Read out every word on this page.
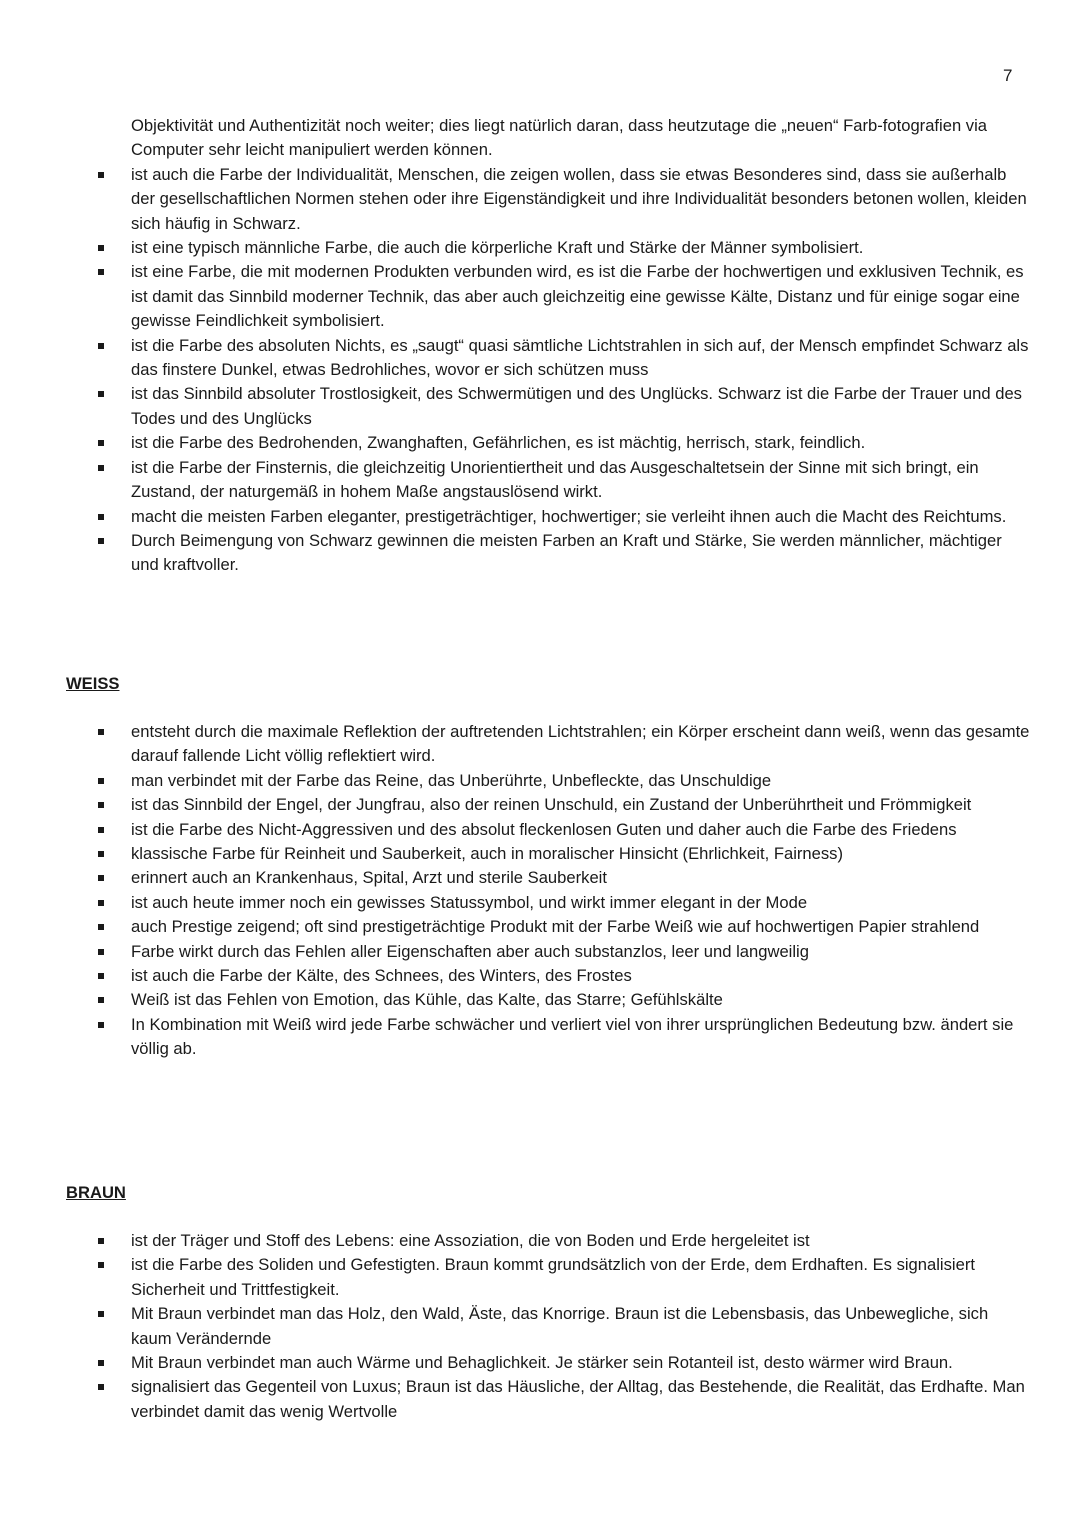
7

Objektivität und Authentizität noch weiter; dies liegt natürlich daran, dass heutzutage die „neuen“ Farb-fotografien via Computer sehr leicht manipuliert werden können.

ist auch die Farbe der Individualität, Menschen, die zeigen wollen, dass sie etwas Besonderes sind, dass sie außerhalb der gesellschaftlichen Normen stehen oder ihre Eigenständigkeit und ihre Individualität besonders betonen wollen, kleiden sich häufig in Schwarz.
ist eine typisch männliche Farbe, die auch die körperliche Kraft und Stärke der Männer symbolisiert.
ist eine Farbe, die mit modernen Produkten verbunden wird, es ist die Farbe der hochwertigen und exklusiven Technik, es ist damit das Sinnbild moderner Technik, das aber auch gleichzeitig eine gewisse Kälte, Distanz und für einige sogar eine gewisse Feindlichkeit symbolisiert.
ist die Farbe des absoluten Nichts, es „saugt“ quasi sämtliche Lichtstrahlen in sich auf, der Mensch empfindet Schwarz als das finstere Dunkel, etwas Bedrohliches, wovor er sich schützen muss
ist das Sinnbild absoluter Trostlosigkeit, des Schwermütigen und des Unglücks. Schwarz ist die Farbe der Trauer und des Todes und des Unglücks
ist die Farbe des Bedrohenden, Zwanghaften, Gefährlichen, es ist mächtig, herrisch, stark, feindlich.
ist die Farbe der Finsternis, die gleichzeitig Unorientiertheit und das Ausgeschaltetsein der Sinne mit sich bringt, ein Zustand, der naturgemäß in hohem Maße angstauslösend wirkt.
macht die meisten Farben eleganter, prestigeträchtiger, hochwertiger; sie verleiht ihnen auch die Macht des Reichtums.
Durch Beimengung von Schwarz gewinnen die meisten Farben an Kraft und Stärke, Sie werden männlicher, mächtiger und kraftvoller.
WEISS
entsteht durch die maximale Reflektion der auftretenden Lichtstrahlen; ein Körper erscheint dann weiß, wenn das gesamte darauf fallende Licht völlig reflektiert wird.
man verbindet mit der Farbe das Reine, das Unberührte, Unbefleckte, das Unschuldige
ist das Sinnbild der Engel, der Jungfrau, also der reinen Unschuld, ein Zustand der Unberührtheit und Frömmigkeit
ist die Farbe des Nicht-Aggressiven und des absolut fleckenlosen Guten und daher auch die Farbe des Friedens
klassische Farbe für Reinheit und Sauberkeit, auch in moralischer Hinsicht (Ehrlichkeit, Fairness)
erinnert auch an Krankenhaus, Spital, Arzt und sterile Sauberkeit
ist auch heute immer noch ein gewisses Statussymbol, und wirkt immer elegant in der Mode
auch Prestige zeigend; oft sind prestigeträchtige Produkt mit der Farbe Weiß wie auf hochwertigen Papier strahlend
Farbe wirkt durch das Fehlen aller Eigenschaften aber auch substanzlos, leer und langweilig
ist auch die Farbe der Kälte, des Schnees, des Winters, des Frostes
Weiß ist das Fehlen von Emotion, das Kühle, das Kalte, das Starre; Gefühlskälte
In Kombination mit Weiß wird jede Farbe schwächer und verliert viel von ihrer ursprünglichen Bedeutung bzw. ändert sie völlig ab.
BRAUN
ist der Träger und Stoff des Lebens: eine Assoziation, die von Boden und Erde hergeleitet ist
ist die Farbe des Soliden und Gefestigten. Braun kommt grundsätzlich von der Erde, dem Erdhaften. Es signalisiert Sicherheit und Trittfestigkeit.
Mit Braun verbindet man das Holz, den Wald, Äste, das Knorrige. Braun ist die Lebensbasis, das Unbewegliche, sich kaum Verändernde
Mit Braun verbindet man auch Wärme und Behaglichkeit. Je stärker sein Rotanteil ist, desto wärmer wird Braun.
signalisiert das Gegenteil von Luxus; Braun ist das Häusliche, der Alltag, das Bestehende, die Realität, das Erdhafte. Man verbindet damit das wenig Wertvolle
